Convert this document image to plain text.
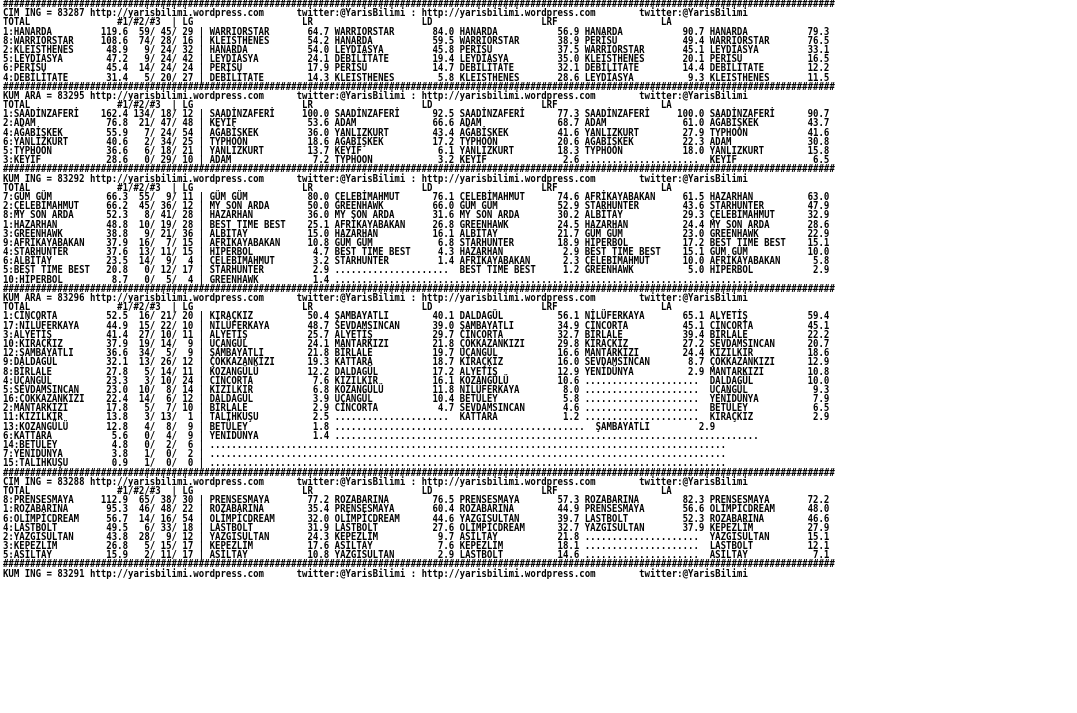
#########################################################################################################################################################
CIM ING = 83287 http://yarisbilimi.wordpress.com      twitter:@YarisBilimi : http://yarisbilimi.wordpress.com        twitter:@YarisBilimi
TOTAL                #1/#2/#3  | LG                    LR                    LD                    LRF                   LA
1:HANARDA         119.6  59/ 45/ 29 | WARRIORSTAR       64.7 WARRIORSTAR       84.0 HANARDA           56.9 HANARDA           90.7 HANARDA           79.3
8:WARRIORSTAR     108.6  74/ 28/ 16 | KLEISTHENES       54.2 HANARDA           59.5 WARRIORSTAR       38.9 PERİSU            49.4 WARRIORSTAR       76.5
2:KLEISTHENES      48.9   9/ 24/ 32 | HANARDA           54.0 LEYDİASYA         45.8 PERİSU            37.5 WARRIORSTAR       45.1 LEYDİASYA         33.1
5:LEYDİASYA        47.2   9/ 24/ 42 | LEYDİASYA         24.1 DEBİLİTATE        19.4 LEYDİASYA         35.0 KLEISTHENES       20.1 PERİSU            16.5
6:PERİSU           45.4  14/ 24/ 24 | PERİSU            17.9 PERİSU            14.7 DEBİLİTATE        32.1 DEBİLİTATE        14.4 DEBİLİTATE        12.2
4:DEBİLİTATE       31.4   5/ 20/ 27 | DEBİLİTATE        14.3 KLEISTHENES        5.8 KLEISTHENES       28.6 LEYDİASYA          9.3 KLEISTHENES       11.5
#########################################################################################################################################################
KUM ARA = 83295 http://yarisbilimi.wordpress.com      twitter:@YarisBilimi : http://yarisbilimi.wordpress.com        twitter:@YarisBilimi
TOTAL                #1/#2/#3  | LG                    LR                    LD                    LRF                   LA
1:SAADİNZAFERİ    162.4 134/ 18/ 12 | SAADİNZAFERİ     100.0 SAADİNZAFERİ      92.5 SAADİNZAFERİ      77.3 SAADİNZAFERİ     100.0 SAADİNZAFERİ      90.7
2:ADAM             76.8  21/ 47/ 48 | KEYİF             53.6 ADAM              66.6 ADAM              68.7 ADAM              61.0 AĞABİŞKEK         43.7
4:AĞABİŞKEK        55.9   7/ 24/ 54 | AĞABİŞKEK         36.0 YANLIZKURT        43.4 AĞABİŞKEK         41.6 YANLIZKURT        27.9 TYPHOON           41.6
6:YANLIZKURT       40.6   2/ 34/ 25 | TYPHOON           18.6 AĞABİŞKEK         17.2 TYPHOON           20.6 AĞABİŞKEK         22.3 ADAM              30.8
5:TYPHOON          36.6   6/ 18/ 21 | YANLIZKURT        13.7 KEYİF              6.1 YANLIZKURT        18.3 TYPHOON           18.0 YANLIZKURT        15.8
3:KEYİF            28.6   0/ 29/ 10 | ADAM               7.2 TYPHOON            3.2 KEYİF              2.6 .....................  KEYİF              6.5
#########################################################################################################################################################
KUM ING = 83292 http://yarisbilimi.wordpress.com      twitter:@YarisBilimi : http://yarisbilimi.wordpress.com        twitter:@YarisBilimi
TOTAL                #1/#2/#3  | LG                    LR                    LD                    LRF                   LA
7:GÜM GÜM          66.3  55/  9/ 11 | GÜM GÜM           80.0 ÇELEBİMAHMUT      76.1 ÇELEBİMAHMUT      74.6 AFRİKAYABAKAN     61.5 HAZARHAN          63.0
2:ÇELEBİMAHMUT     66.2  45/ 36/ 12 | MY SON ARDA       50.0 GREENHAWK         66.0 GÜM GÜM           52.9 STARHUNTER        43.6 STARHUNTER        47.9
8:MY SON ARDA      52.3   8/ 41/ 28 | HAZARHAN          36.0 MY SON ARDA       31.6 MY SON ARDA       30.2 ALBİTAY           29.3 ÇELEBİMAHMUT      32.9
1:HAZARHAN         48.8  10/ 19/ 28 | BEST TIME BEST    25.1 AFRİKAYABAKAN     26.8 GREENHAWK         24.5 HAZARHAN          24.4 MY SON ARDA       28.6
3:GREENHAWK        38.8   9/ 21/ 36 | ALBİTAY           15.0 HAZARHAN          16.1 ALBİTAY           21.7 GÜM GÜM           23.0 GREENHAWK         22.9
9:AFRİKAYABAKAN    37.9  16/  7/ 15 | AFRİKAYABAKAN     10.8 GÜM GÜM            6.8 STARHUNTER        18.9 HİPERBOL          17.2 BEST TIME BEST    15.1
4:STARHUNTER       37.6  13/ 11/ 15 | HİPERBOL           4.7 BEST TIME BEST     4.3 HAZARHAN           2.9 BEST TIME BEST    15.1 GÜM GÜM           10.0
6:ALBİTAY          23.5  14/  9/  4 | ÇELEBİMAHMUT       3.2 STARHUNTER         1.4 AFRİKAYABAKAN      2.3 ÇELEBİMAHMUT      10.0 AFRİKAYABAKAN      5.8
5:BEST TIME BEST   20.8   0/ 12/ 17 | STARHUNTER         2.9 .....................  BEST TIME BEST     1.2 GREENHAWK          5.0 HİPERBOL           2.9
10:HİPERBOL         8.7   0/  5/  4 | GREENHAWK          1.4 ..............................................................................
#########################################################################################################################################################
KUM ARA = 83296 http://yarisbilimi.wordpress.com      twitter:@YarisBilimi : http://yarisbilimi.wordpress.com        twitter:@YarisBilimi
TOTAL                #1/#2/#3  | LG                    LR                    LD                    LRF                   LA
1:CİNCORTA         52.5  16/ 21/ 20 | KIRAÇKIZ          50.4 ŞAMBAYATLI        40.1 DALDAGÜL          56.1 NİLÜFERKAYA       65.1 ALYETİŞ           59.4
17:NİLÜFERKAYA     44.9  15/ 22/ 10 | NİLÜFERKAYA       48.7 SEVDAMSINCAN      39.0 ŞAMBAYATLI        34.9 CİNCORTA          45.1 CİNCORTA          45.1
3:ALYETİŞ          41.4  27/ 10/ 11 | ALYETİŞ           25.7 ALYETİŞ           29.7 CİNCORTA          32.7 BİRLALE           39.4 BİRLALE           22.2
10:KIRAÇKIZ        37.9  19/ 14/  9 | UÇANGÜL           24.1 MANTARKIZI        21.8 ÇOKKAZANKIZI      29.8 KIRAÇKIZ          27.2 SEVDAMSINCAN      20.7
12:ŞAMBAYATLI      36.6  34/  5/  9 | ŞAMBAYATLI        21.8 BİRLALE           19.7 UÇANGÜL           16.6 MANTARKIZI        24.4 KIZILKIR          18.6
9:DALDAGÜL         32.1  13/ 26/ 12 | ÇOKKAZANKIZI      19.3 KATTARA           18.7 KIRAÇKIZ          16.0 SEVDAMSINCAN       8.7 ÇOKKAZANKIZI      12.9
8:BİRLALE          27.8   5/ 14/ 11 | KOZANGÜLÜ         12.2 DALDAGÜL          17.2 ALYETİŞ           12.9 YENİDÜNYA          2.9 MANTARKIZI        10.8
4:UÇANGÜL          23.3   3/ 10/ 24 | CİNCORTA           7.6 KIZILKIR          16.1 KOZANGÜLÜ         10.6 .....................  DALDAGÜL          10.0
5:SEVDAMSINCAN     23.0  10/  8/ 14 | KIZILKIR           6.8 KOZANGÜLÜ         11.8 NİLÜFERKAYA        8.0 .....................  UÇANGÜL            9.3
16:ÇOKKAZANKIZI    22.4  14/  6/ 12 | DALDAGÜL           3.9 UÇANGÜL           10.4 BETÜLEY            5.8 .....................  YENİDÜNYA          7.9
2:MANTARKIZI       17.8   5/  7/ 10 | BİRLALE            2.9 CİNCORTA           4.7 SEVDAMSINCAN       4.6 .....................  BETÜLEY            6.5
11:KIZILKIR        13.8   3/ 13/  1 | TALİHKUŞU          2.5 .....................  KATTARA            1.2 .....................  KIRAÇKIZ           2.9
13:KOZANGÜLÜ       12.8   4/  8/  9 | BETÜLEY            1.8 ..............................................  ŞAMBAYATLI         2.9
6:KATTARA           5.6   0/  4/  9 | YENİDÜNYA          1.4 ..............................................................................
14:BETÜLEY          4.8   0/  2/  6 | ...............................................................................................
7:YENİDÜNYA         3.8   1/  0/  2 | ...............................................................................................
15:TALİHKUŞU        0.9   1/  0/  0 | ...............................................................................................
#########################################################################################################################################################
CIM ING = 83288 http://yarisbilimi.wordpress.com      twitter:@YarisBilimi : http://yarisbilimi.wordpress.com        twitter:@YarisBilimi
TOTAL                #1/#2/#3  | LG                    LR                    LD                    LRF                   LA
8:PRENSESMAYA     112.9  65/ 38/ 30 | PRENSESMAYA       77.2 ROZABARINA        76.5 PRENSESMAYA       57.3 ROZABARINA        82.3 PRENSESMAYA       72.2
1:ROZABARINA       95.3  46/ 48/ 22 | ROZABARINA        35.4 PRENSESMAYA       60.4 ROZABARINA        44.9 PRENSESMAYA       56.6 OLİMPİCDREAM      48.0
6:OLİMPİCDREAM     56.7  14/ 16/ 54 | OLİMPİCDREAM      32.0 OLİMPİCDREAM      44.6 YAZGISULTAN       39.7 LASTBOLT          52.3 ROZABARINA        46.6
4:LASTBOLT         49.5   6/ 33/ 18 | LASTBOLT          31.9 LASTBOLT          27.6 OLİMPİCDREAM      32.7 YAZGISULTAN       37.9 KEPEZLİM          27.9
2:YAZGISULTAN      43.8  28/  9/ 12 | YAZGISULTAN       24.3 KEPEZLİM           9.7 ASİLTAY           21.8 .....................  YAZGISULTAN       15.1
3:KEPEZLİM         26.8   5/ 15/ 17 | KEPEZLİM          17.6 ASİLTAY            7.6 KEPEZLİM          18.1 .....................  LASTBOLT          12.1
5:ASİLTAY          15.9   2/ 11/ 17 | ASİLTAY           10.8 YAZGISULTAN        2.9 LASTBOLT          14.6 .....................  ASİLTAY            7.1
#########################################################################################################################################################
KUM ING = 83291 http://yarisbilimi.wordpress.com      twitter:@YarisBilimi : http://yarisbilimi.wordpress.com        twitter:@YarisBilimi
